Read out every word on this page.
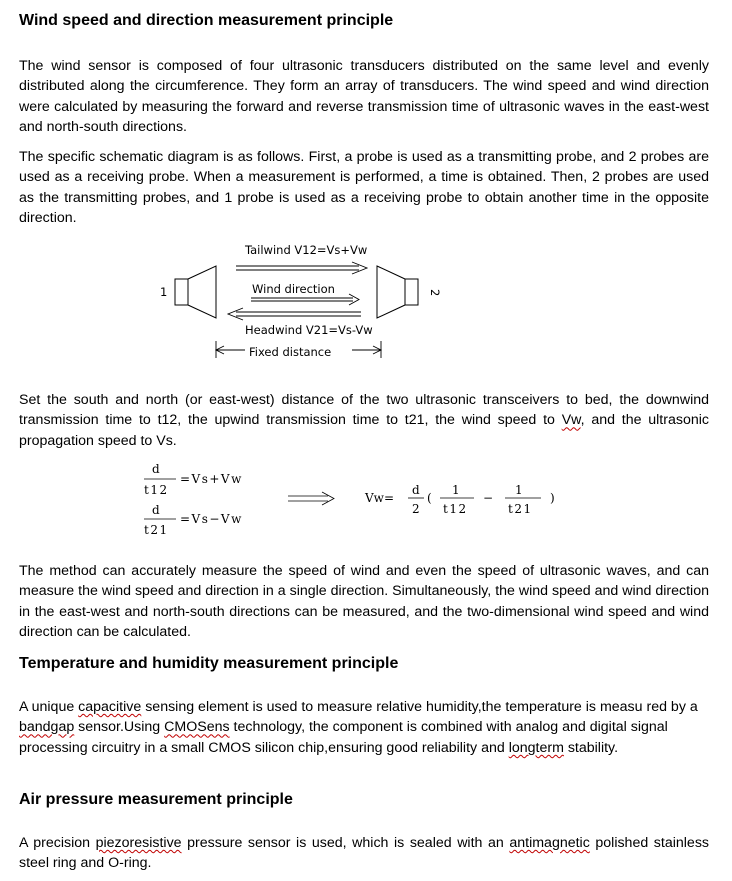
Wind speed and direction measurement principle

The wind sensor is composed of four ultrasonic transducers distributed on the same level and evenly distributed along the circumference. They form an array of transducers. The wind speed and wind direction were calculated by measuring the forward and reverse transmission time of ultrasonic waves in the east-west and north-south directions.

The specific schematic diagram is as follows. First, a probe is used as a transmitting probe, and 2 probes are used as a receiving probe. When a measurement is performed, a time is obtained. Then, 2 probes are used as the transmitting probes, and 1 probe is used as a receiving probe to obtain another time in the opposite direction.

Set the south and north (or east-west) distance of the two ultrasonic transceivers to bed, the downwind transmission time to t12, the upwind transmission time to t21, the wind speed to Vw, and the ultrasonic propagation speed to Vs.

The method can accurately measure the speed of wind and even the speed of ultrasonic waves, and can measure the wind speed and direction in a single direction. Simultaneously, the wind speed and wind direction in the east-west and north-south directions can be measured, and the two-dimensional wind speed and wind direction can be calculated.

Temperature and humidity measurement principle

A unique capacitive sensing element is used to measure relative humidity,the temperature is measu red by a bandgap sensor.Using CMOSens technology, the component is combined with analog and digital signal processing circuitry in a small CMOS silicon chip,ensuring good reliability and longterm stability.

Air pressure measurement principle

A precision piezoresistive pressure sensor is used, which is sealed with an antimagnetic polished stainless steel ring and O-ring.

Tailwind V12=Vs+Vw
1	2
Wind direction
Headwind V21=Vs-Vw
Fixed distance
d
t12
=Vs+Vw
d
t21
=Vs−Vw
Vw=
d
2
(
1
t12
−
1
t21
)
